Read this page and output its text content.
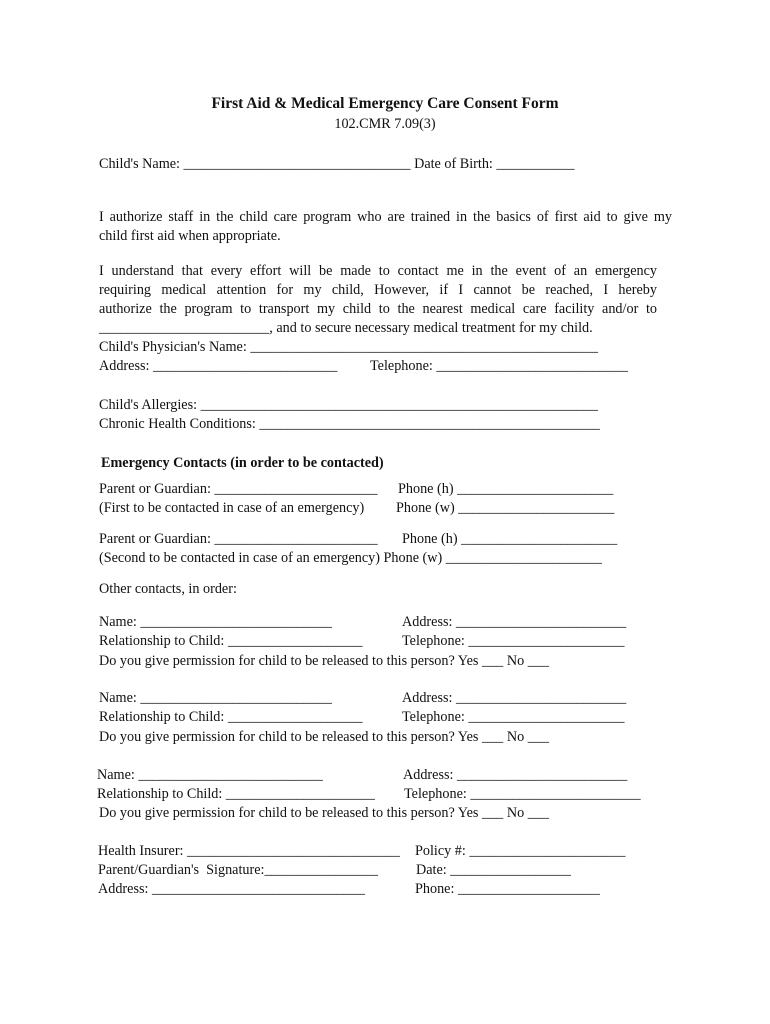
First Aid & Medical Emergency Care Consent Form
102.CMR 7.09(3)
Child's Name: ________________________________ Date of Birth: ___________
I authorize staff in the child care program who are trained in the basics of first aid to give my
child first aid when appropriate.
I understand that every effort will be made to contact me in the event of an emergency
requiring medical attention for my child, However, if I cannot be reached, I hereby
authorize the program to transport my child to the nearest medical care facility and/or to
________________________, and to secure necessary medical treatment for my child.
Child's Physician's Name: _________________________________________________
Address: __________________________ Telephone: ___________________________
Child's Allergies: ________________________________________________________
Chronic Health Conditions: ________________________________________________
Emergency Contacts (in order to be contacted)
Parent or Guardian: _______________________ Phone (h) ______________________
(First to be contacted in case of an emergency) Phone (w) ______________________
Parent or Guardian: _______________________ Phone (h) ______________________
(Second to be contacted in case of an emergency) Phone (w) ______________________
Other contacts, in order:
Name: ___________________________	Address: ________________________
Relationship to Child: ___________________	Telephone: ______________________
Do you give permission for child to be released to this person? Yes ___ No ___
Name: ___________________________	Address: ________________________
Relationship to Child: ___________________	Telephone: ______________________
Do you give permission for child to be released to this person? Yes ___ No ___
Name: __________________________	Address: ________________________
Relationship to Child: _____________________ Telephone: ________________________
Do you give permission for child to be released to this person? Yes ___ No ___
Health Insurer: ______________________________ Policy #: ______________________
Parent/Guardian's  Signature:________________	Date: _________________
Address: ______________________________	Phone: ____________________
